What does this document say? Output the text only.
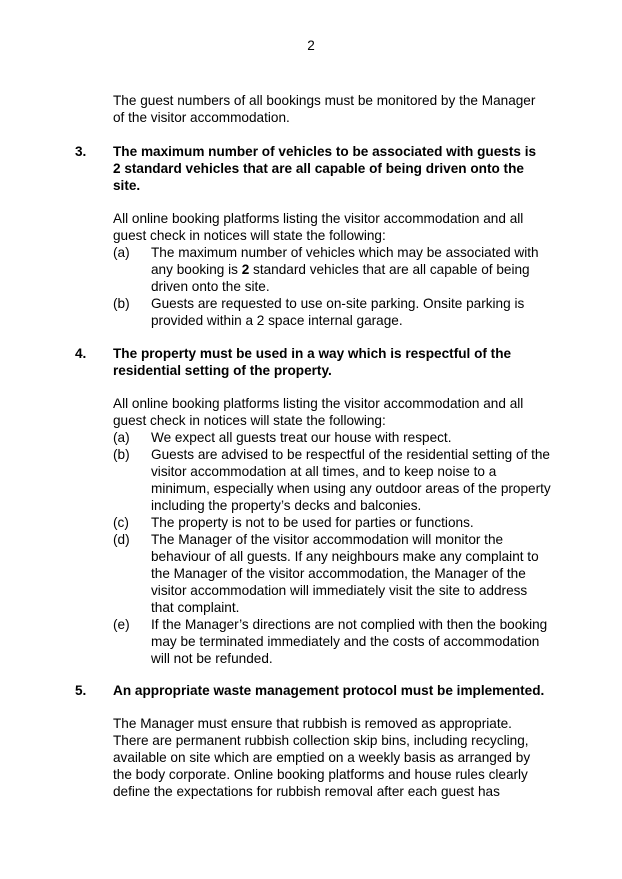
2

The guest numbers of all bookings must be monitored by the Manager of the visitor accommodation.

3. The maximum number of vehicles to be associated with guests is 2 standard vehicles that are all capable of being driven onto the site.

All online booking platforms listing the visitor accommodation and all guest check in notices will state the following:

(a) The maximum number of vehicles which may be associated with any booking is 2 standard vehicles that are all capable of being driven onto the site.
(b) Guests are requested to use on-site parking. Onsite parking is provided within a 2 space internal garage.
4. The property must be used in a way which is respectful of the residential setting of the property.

All online booking platforms listing the visitor accommodation and all guest check in notices will state the following:

(a) We expect all guests treat our house with respect.
(b) Guests are advised to be respectful of the residential setting of the visitor accommodation at all times, and to keep noise to a minimum, especially when using any outdoor areas of the property including the property’s decks and balconies.
(c) The property is not to be used for parties or functions.
(d) The Manager of the visitor accommodation will monitor the behaviour of all guests. If any neighbours make any complaint to the Manager of the visitor accommodation, the Manager of the visitor accommodation will immediately visit the site to address that complaint.
(e) If the Manager’s directions are not complied with then the booking may be terminated immediately and the costs of accommodation will not be refunded.
5. An appropriate waste management protocol must be implemented.

The Manager must ensure that rubbish is removed as appropriate. There are permanent rubbish collection skip bins, including recycling, available on site which are emptied on a weekly basis as arranged by the body corporate. Online booking platforms and house rules clearly define the expectations for rubbish removal after each guest has
